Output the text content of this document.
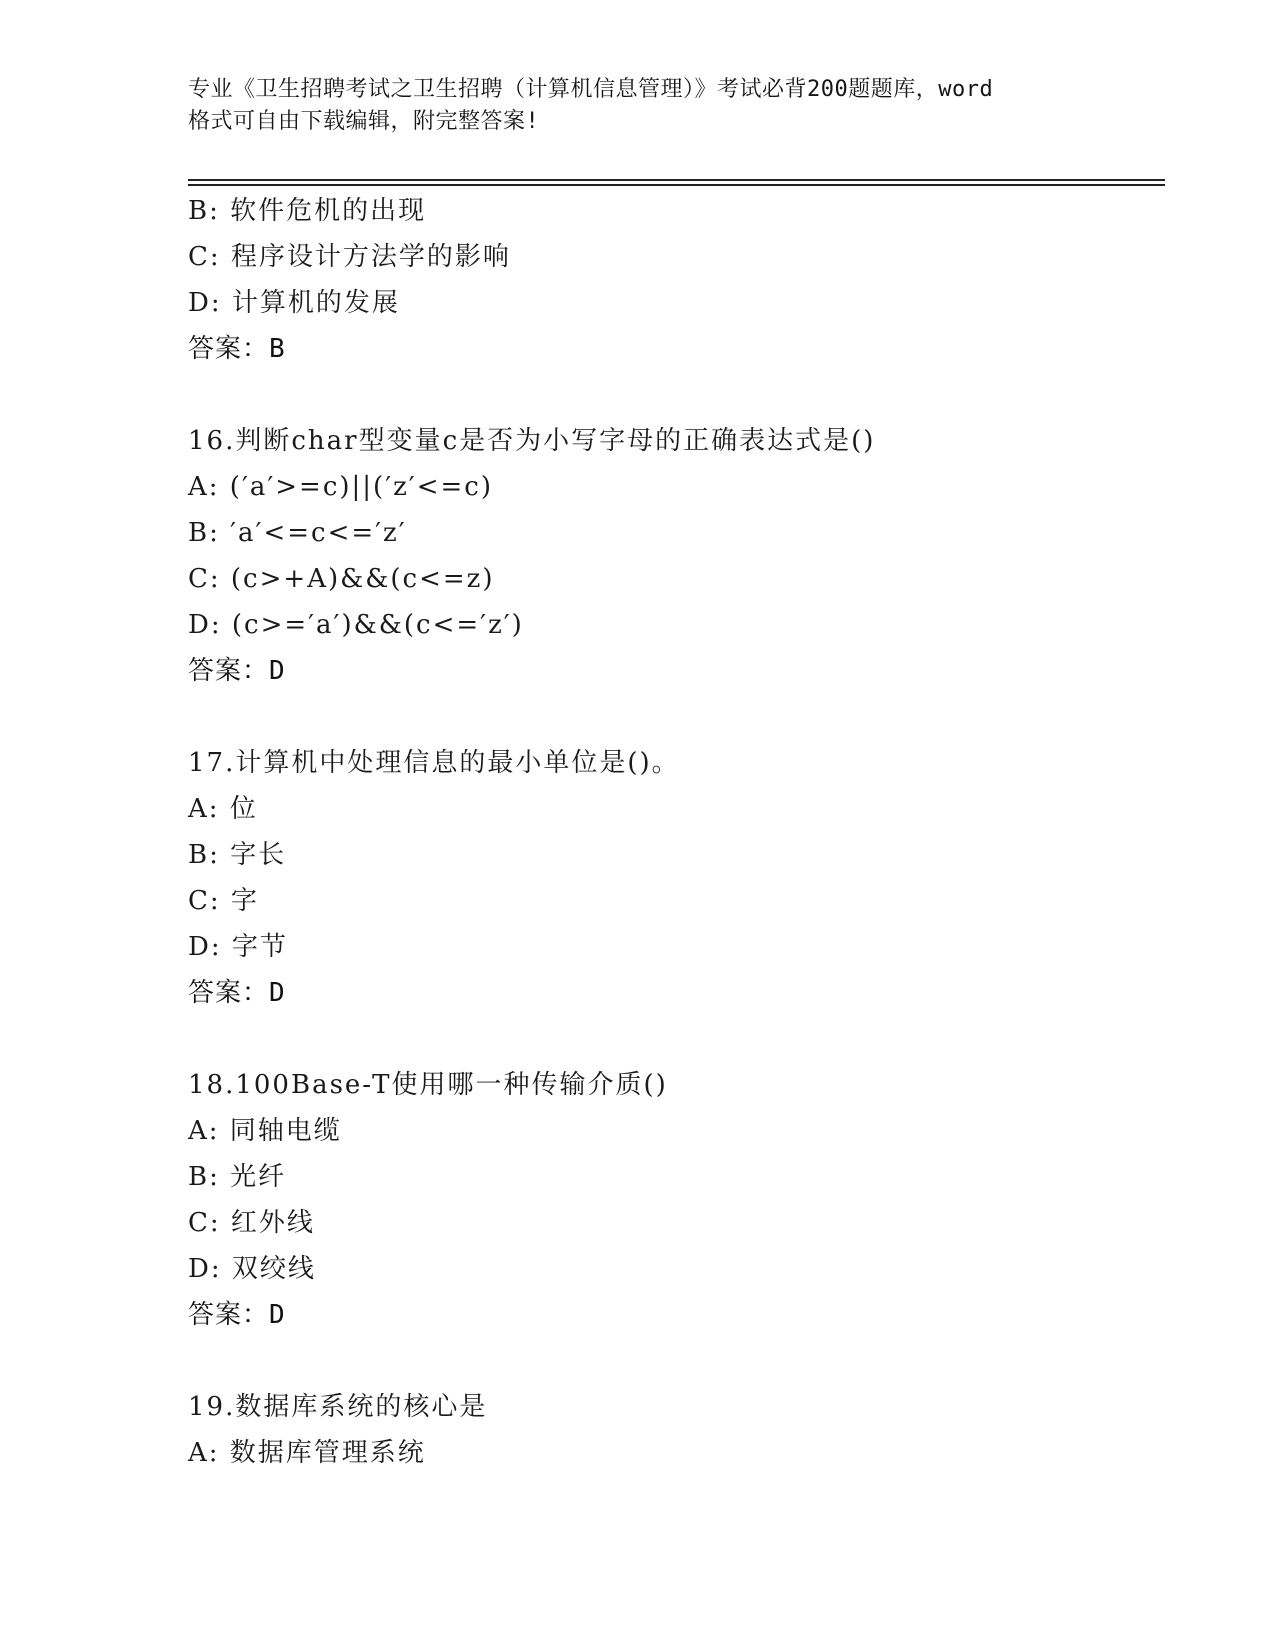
专业《卫生招聘考试之卫生招聘（计算机信息管理）》考试必背200题题库，word
格式可自由下载编辑，附完整答案!
B: 软件危机的出现
C: 程序设计方法学的影响
D: 计算机的发展
答案：B
16.判断char型变量c是否为小写字母的正确表达式是()
A: (′a′>=c)||(′z′<=c)
B: ′a′<=c<=′z′
C: (c>+A)&&(c<=z)
D: (c>=′a′)&&(c<=′z′)
答案：D
17.计算机中处理信息的最小单位是()。
A: 位
B: 字长
C: 字
D: 字节
答案：D
18.100Base-T使用哪一种传输介质()
A: 同轴电缆
B: 光纤
C: 红外线
D: 双绞线
答案：D
19.数据库系统的核心是
A: 数据库管理系统
